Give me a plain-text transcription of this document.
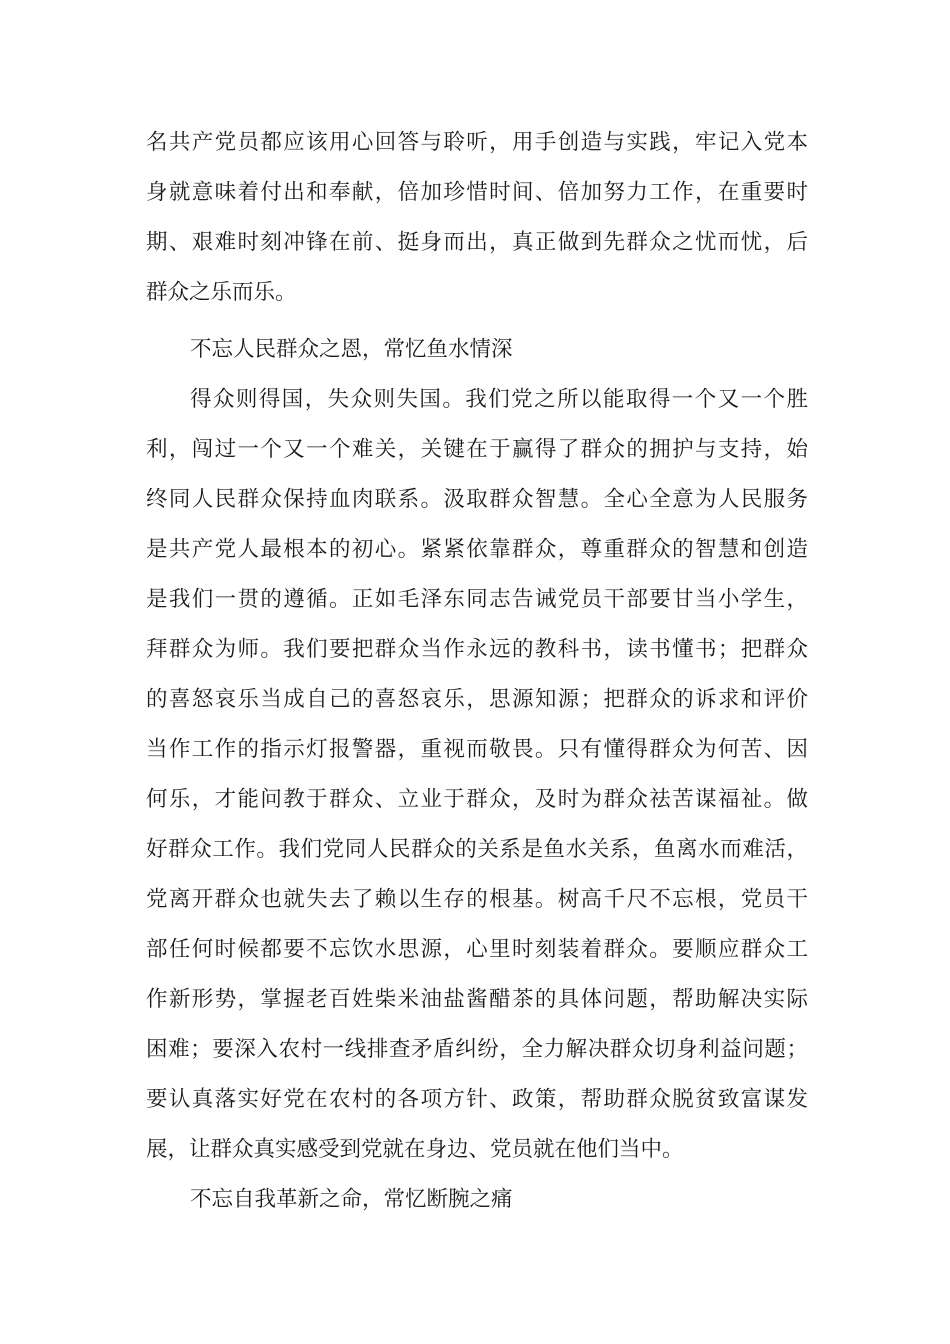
名共产党员都应该用心回答与聆听，用手创造与实践，牢记入党本
身就意味着付出和奉献，倍加珍惜时间、倍加努力工作，在重要时
期、艰难时刻冲锋在前、挺身而出，真正做到先群众之忧而忧，后
群众之乐而乐。
不忘人民群众之恩，常忆鱼水情深
得众则得国，失众则失国。我们党之所以能取得一个又一个胜
利，闯过一个又一个难关，关键在于赢得了群众的拥护与支持，始
终同人民群众保持血肉联系。汲取群众智慧。全心全意为人民服务
是共产党人最根本的初心。紧紧依靠群众，尊重群众的智慧和创造
是我们一贯的遵循。正如毛泽东同志告诫党员干部要甘当小学生，
拜群众为师。我们要把群众当作永远的教科书，读书懂书；把群众
的喜怒哀乐当成自己的喜怒哀乐，思源知源；把群众的诉求和评价
当作工作的指示灯报警器，重视而敬畏。只有懂得群众为何苦、因
何乐，才能问教于群众、立业于群众，及时为群众祛苦谋福祉。做
好群众工作。我们党同人民群众的关系是鱼水关系，鱼离水而难活，
党离开群众也就失去了赖以生存的根基。树高千尺不忘根，党员干
部任何时候都要不忘饮水思源，心里时刻装着群众。要顺应群众工
作新形势，掌握老百姓柴米油盐酱醋茶的具体问题，帮助解决实际
困难；要深入农村一线排查矛盾纠纷，全力解决群众切身利益问题；
要认真落实好党在农村的各项方针、政策，帮助群众脱贫致富谋发
展，让群众真实感受到党就在身边、党员就在他们当中。
不忘自我革新之命，常忆断腕之痛
